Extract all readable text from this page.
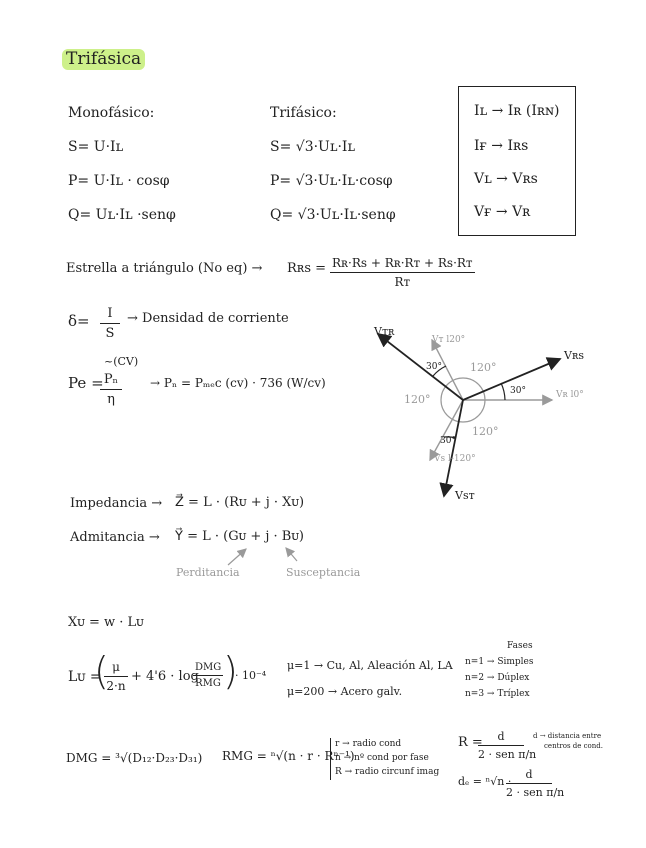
Trifásica
Monofásico:
S= U·Iʟ
P= U·Iʟ · cosφ
Q= Uʟ·Iʟ ·senφ
Trifásico:
S= √3·Uʟ·Iʟ
P= √3·Uʟ·Iʟ·cosφ
Q= √3·Uʟ·Iʟ·senφ
Iʟ → Iʀ (Iʀɴ)
Iғ → Iʀs
Vʟ → Vʀs
Vғ → Vʀ
Estrella a triángulo (No eq) → Rʀs = $\frac{\text{Rʀ·Rs + Rʀ·Rᴛ + Rs·Rᴛ}}{\text{Rᴛ}}$
$\delta= \frac{I}{S}$ → Densidad de corriente
Pe =
~(CV)
$\frac{\text{Pₙ}}{\eta} \to P_n = P_{me}c$ (cv) · 736 (W/cv)
Vᴛʀ
Vʀs
Vsᴛ
Vᴛ l20°
Vʀ l0°
Vs l-120°
120°
120°
120°
30°
30°
30°
Impedancia → Z⃗ = L · (Rᴜ + j · Xᴜ)
Admitancia → Y⃗ = L · (Gᴜ + j · Bᴜ)
Perditancia	Susceptancia
Xᴜ = w · Lᴜ
Lᴜ =
(
$\frac{\mu}{2\cdot n} + 4'6 \cdot \log$
DMG
RMG )
· 10⁻⁴
μ=1 → Cu, Al, Aleación Al, LA
μ=200 → Acero galv.
Fases
n=1 → Simples
n=2 → Dúplex
n=3 → Tríplex
DMG = ³√(D₁₂·D₂₃·D₃₁) RMG = ⁿ√(n · r · Rⁿ⁻¹)
r → radio cond
n → nº cond por fase
R → radio circunf imag
R =	d
2 · sen π/n
d → distancia entre
centros de cond.
dₑ = ⁿ√n ·
d
2 · sen π/n
